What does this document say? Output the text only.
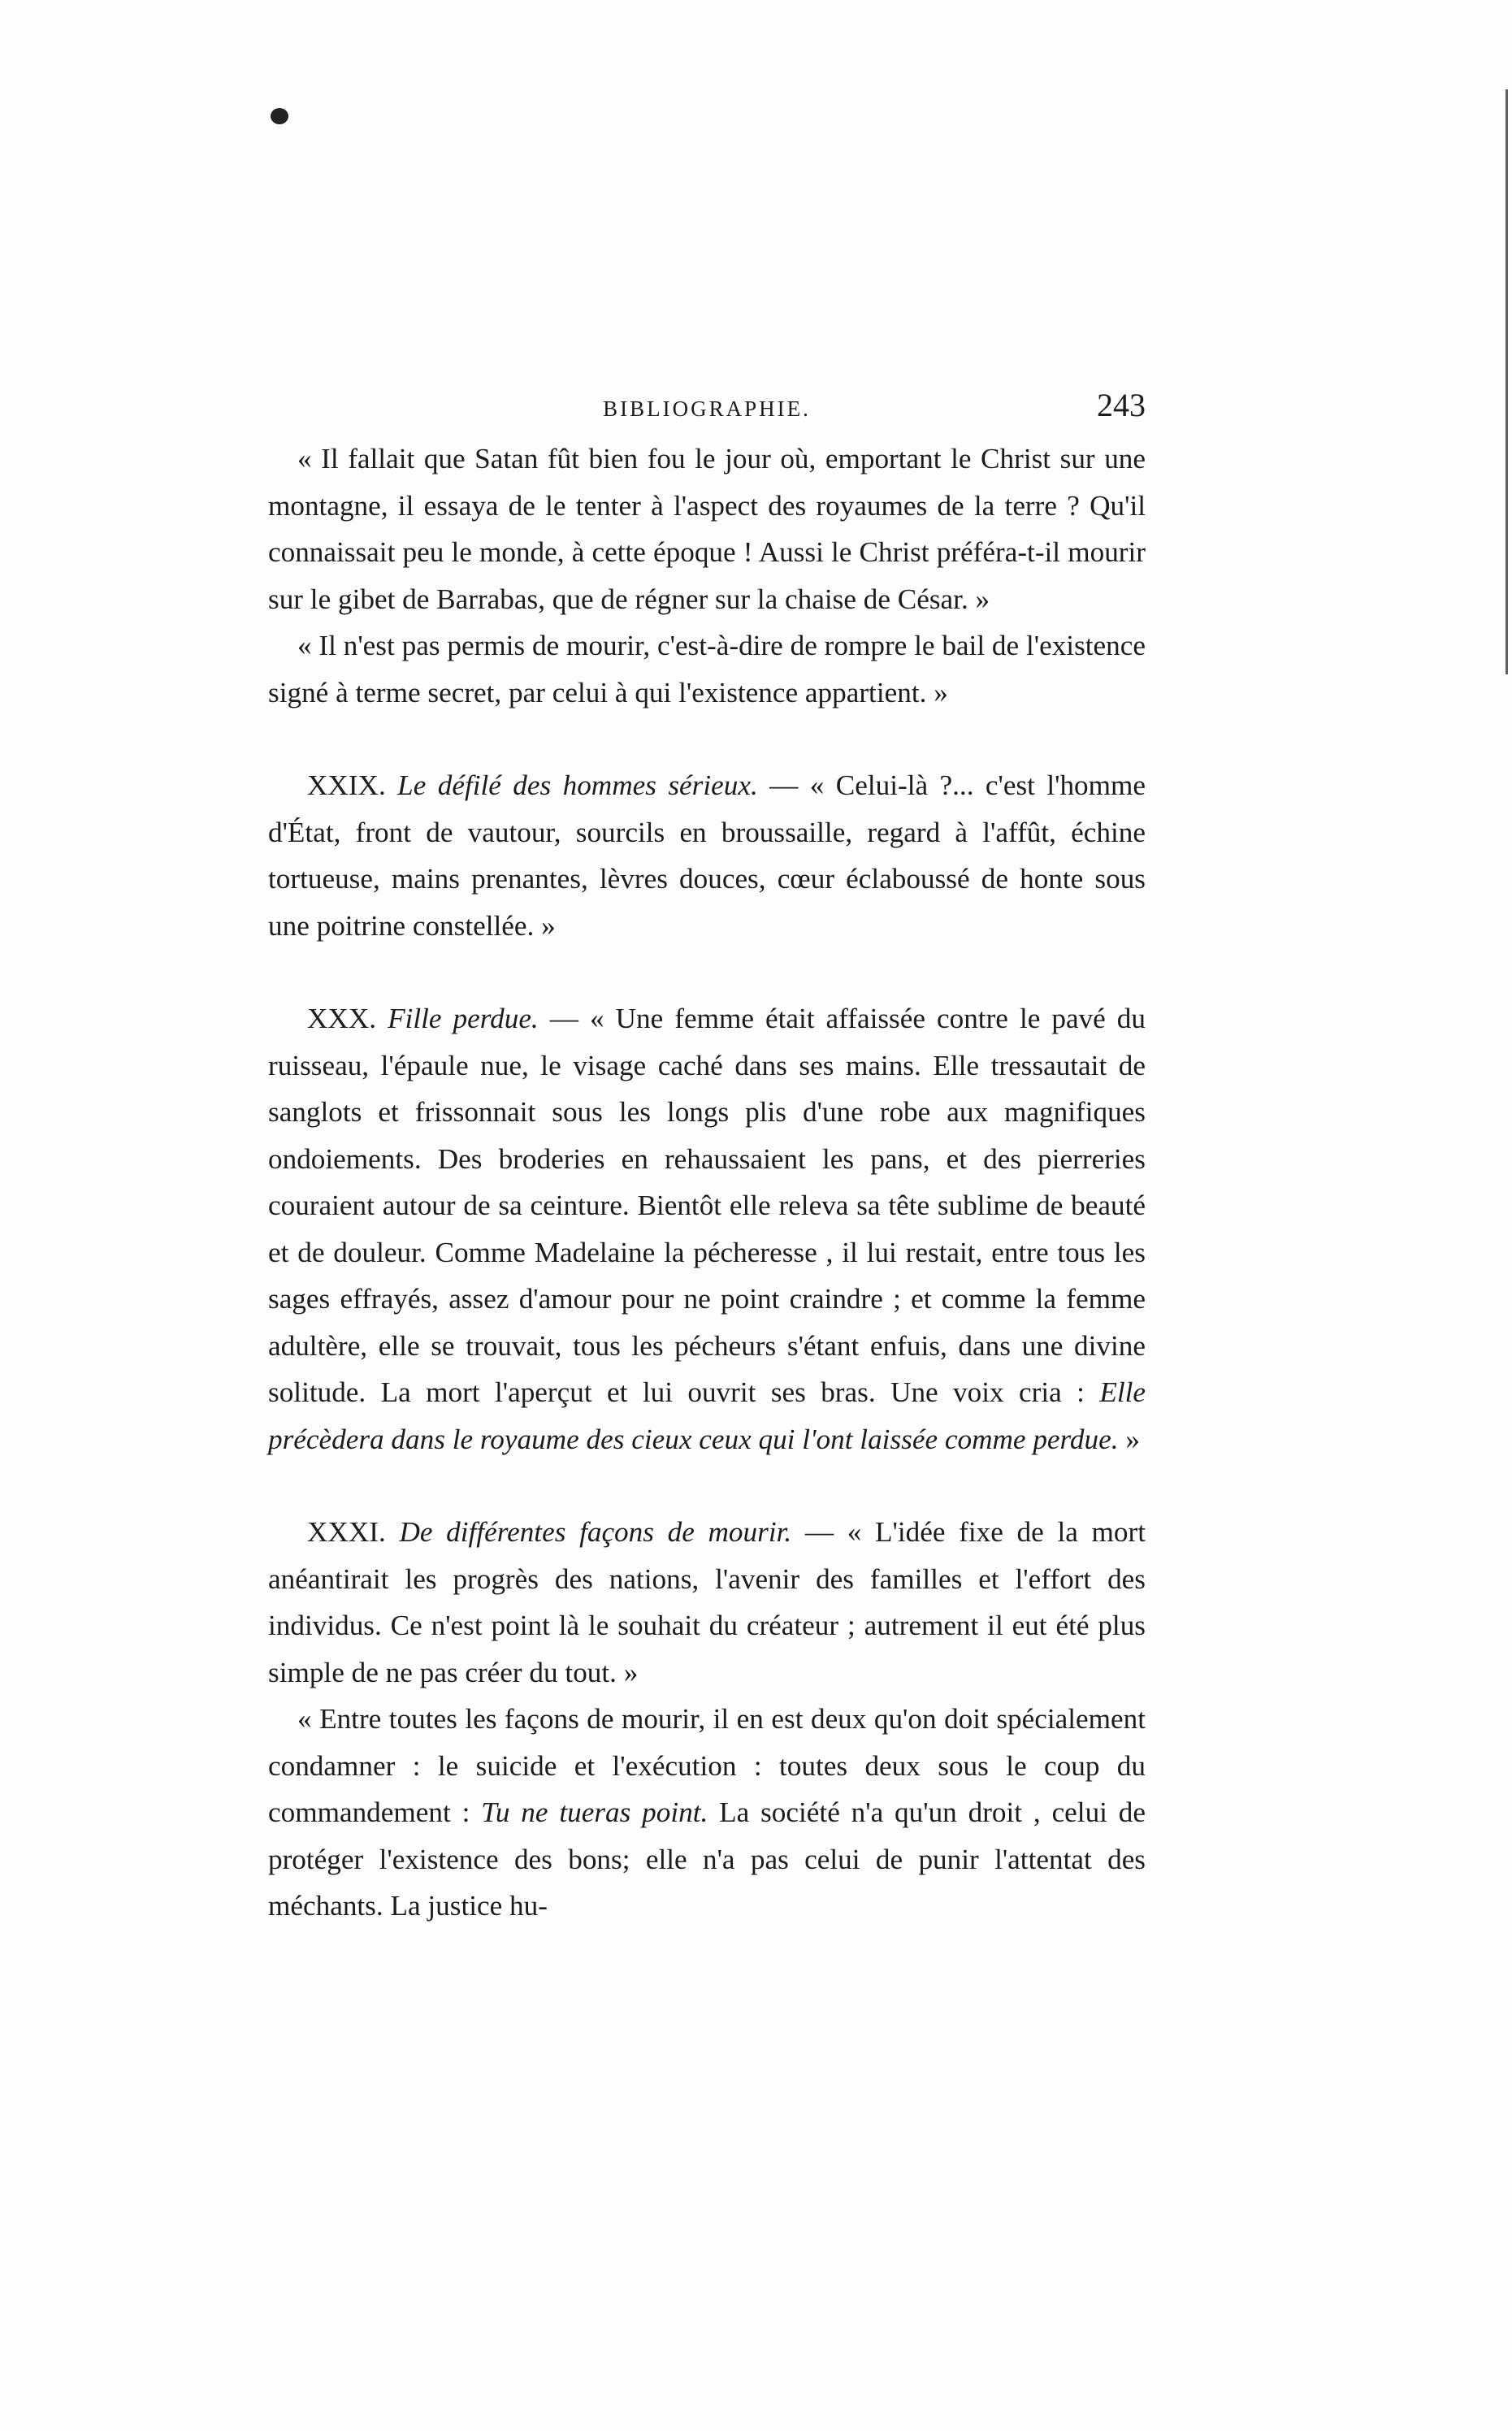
BIBLIOGRAPHIE.	243

« Il fallait que Satan fût bien fou le jour où, emportant le Christ sur une montagne, il essaya de le tenter à l'aspect des royaumes de la terre ? Qu'il connaissait peu le monde, à cette époque ! Aussi le Christ préféra-t-il mourir sur le gibet de Barrabas, que de régner sur la chaise de César. »

« Il n'est pas permis de mourir, c'est-à-dire de rompre le bail de l'existence signé à terme secret, par celui à qui l'existence appartient. »

XXIX. Le défilé des hommes sérieux. — « Celui-là ?... c'est l'homme d'État, front de vautour, sourcils en broussaille, regard à l'affût, échine tortueuse, mains prenantes, lèvres douces, cœur éclaboussé de honte sous une poitrine constellée. »

XXX. Fille perdue. — « Une femme était affaissée contre le pavé du ruisseau, l'épaule nue, le visage caché dans ses mains. Elle tressautait de sanglots et frissonnait sous les longs plis d'une robe aux magnifiques ondoiements. Des broderies en rehaussaient les pans, et des pierreries couraient autour de sa ceinture. Bientôt elle releva sa tête sublime de beauté et de douleur. Comme Madelaine la pécheresse , il lui restait, entre tous les sages effrayés, assez d'amour pour ne point craindre ; et comme la femme adultère, elle se trouvait, tous les pécheurs s'étant enfuis, dans une divine solitude. La mort l'aperçut et lui ouvrit ses bras. Une voix cria : Elle précèdera dans le royaume des cieux ceux qui l'ont laissée comme perdue. »

XXXI. De différentes façons de mourir. — « L'idée fixe de la mort anéantirait les progrès des nations, l'avenir des familles et l'effort des individus. Ce n'est point là le souhait du créateur ; autrement il eut été plus simple de ne pas créer du tout. »

« Entre toutes les façons de mourir, il en est deux qu'on doit spécialement condamner : le suicide et l'exécution : toutes deux sous le coup du commandement : Tu ne tueras point. La société n'a qu'un droit , celui de protéger l'existence des bons; elle n'a pas celui de punir l'attentat des méchants. La justice hu-
